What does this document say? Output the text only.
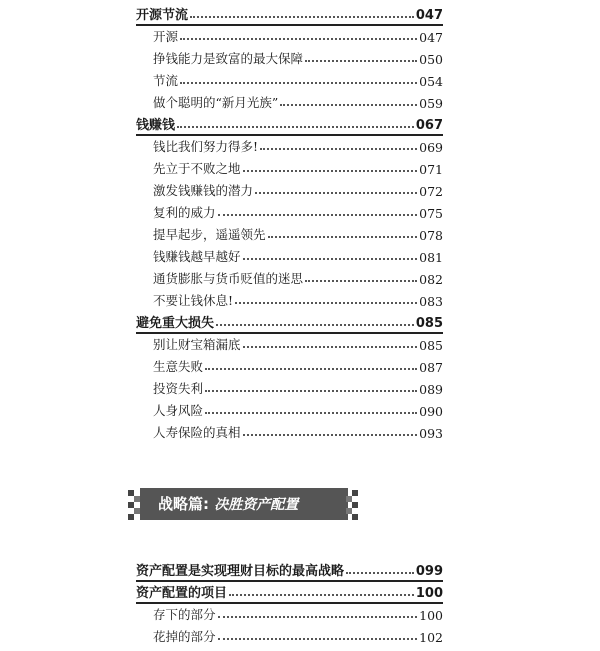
开源节流	047
开源	047
挣钱能力是致富的最大保障	050
节流	054
做个聪明的“新月光族”	059
钱赚钱	067
钱比我们努力得多!	069
先立于不败之地	071
激发钱赚钱的潜力	072
复利的威力	075
提早起步，遥遥领先	078
钱赚钱越早越好	081
通货膨胀与货币贬值的迷思	082
不要让钱休息!	083
避免重大损失	085
别让财宝箱漏底	085
生意失败	087
投资失利	089
人身风险	090
人寿保险的真相	093
资产配置是实现理财目标的最高战略	099
资产配置的项目	100
存下的部分	100
花掉的部分	102
战略篇: 决胜资产配置
